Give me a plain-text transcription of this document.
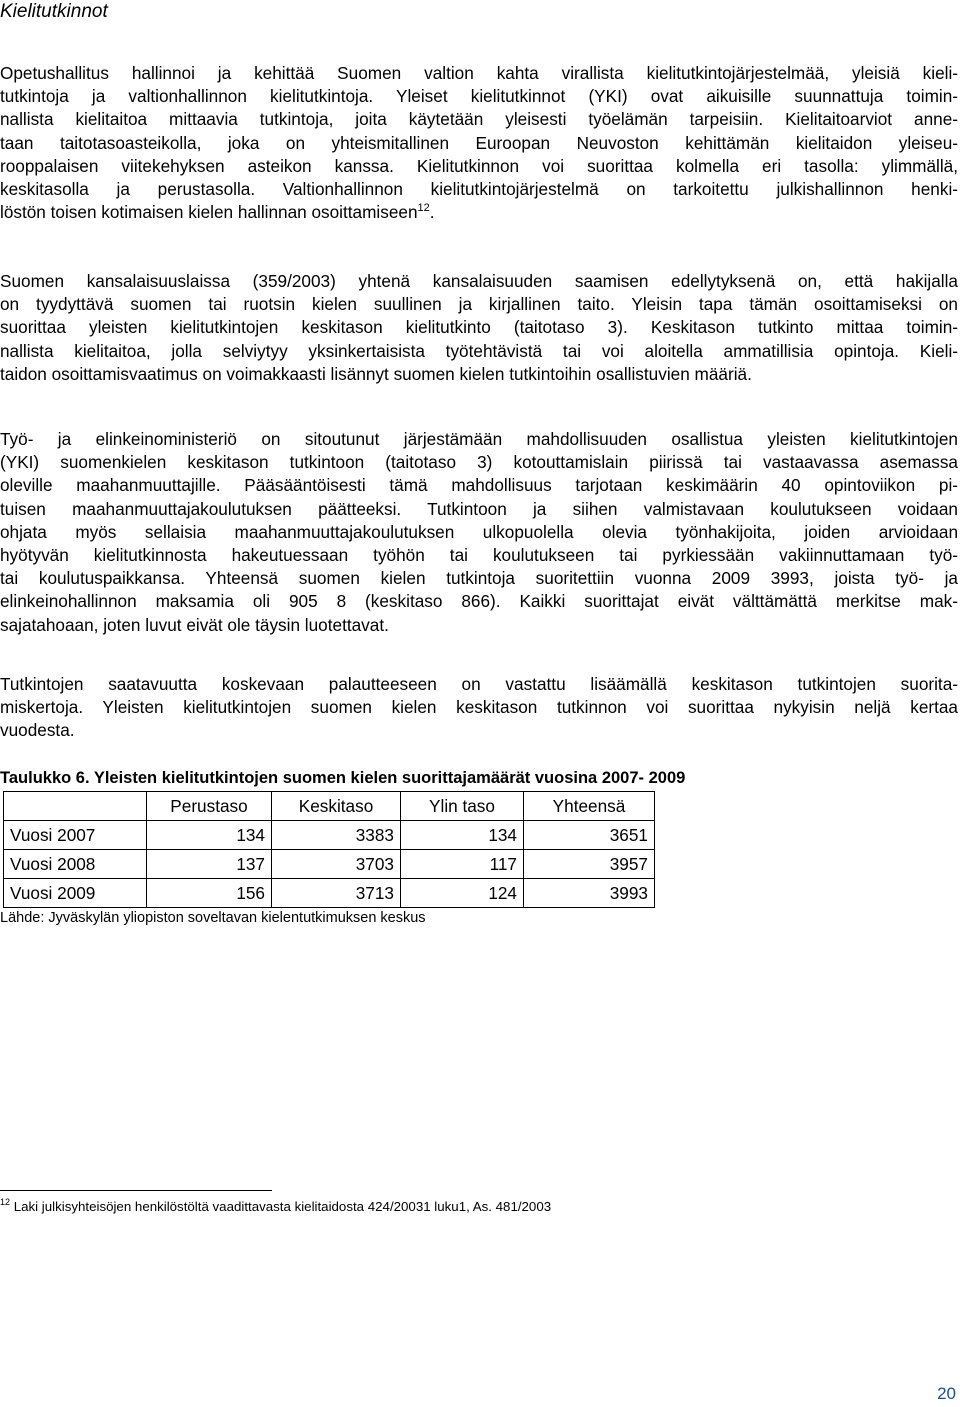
Kielitutkinnot
Opetushallitus hallinnoi ja kehittää Suomen valtion kahta virallista kielitutkintojärjestelmää, yleisiä kieli-
tutkintoja ja valtionhallinnon kielitutkintoja. Yleiset kielitutkinnot (YKI) ovat aikuisille suunnattuja toimin-
nallista kielitaitoa mittaavia tutkintoja, joita käytetään yleisesti työelämän tarpeisiin. Kielitaitoarviot anne-
taan taitotasoasteikolla, joka on yhteismitallinen Euroopan Neuvoston kehittämän kielitaidon yleiseu-
rooppalaisen viitekehyksen asteikon kanssa. Kielitutkinnon voi suorittaa kolmella eri tasolla: ylimmällä,
keskitasolla ja perustasolla. Valtionhallinnon kielitutkintojärjestelmä on tarkoitettu julkishallinnon henki-
löstön toisen kotimaisen kielen hallinnan osoittamiseen$^{12}$.
Suomen kansalaisuuslaissa (359/2003) yhtenä kansalaisuuden saamisen edellytyksenä on, että hakijalla
on tyydyttävä suomen tai ruotsin kielen suullinen ja kirjallinen taito. Yleisin tapa tämän osoittamiseksi on
suorittaa yleisten kielitutkintojen keskitason kielitutkinto (taitotaso 3). Keskitason tutkinto mittaa toimin-
nallista kielitaitoa, jolla selviytyy yksinkertaisista työtehtävistä tai voi aloitella ammatillisia opintoja. Kieli-
taidon osoittamisvaatimus on voimakkaasti lisännyt suomen kielen tutkintoihin osallistuvien määriä.
Työ- ja elinkeinoministeriö on sitoutunut järjestämään mahdollisuuden osallistua yleisten kielitutkintojen
(YKI) suomenkielen keskitason tutkintoon (taitotaso 3) kotouttamislain piirissä tai vastaavassa asemassa
oleville maahanmuuttajille. Pääsääntöisesti tämä mahdollisuus tarjotaan keskimäärin 40 opintoviikon pi-
tuisen maahanmuuttajakoulutuksen päätteeksi. Tutkintoon ja siihen valmistavaan koulutukseen voidaan
ohjata myös sellaisia maahanmuuttajakoulutuksen ulkopuolella olevia työnhakijoita, joiden arvioidaan
hyötyvän kielitutkinnosta hakeutuessaan työhön tai koulutukseen tai pyrkiessään vakiinnuttamaan työ-
tai koulutuspaikkansa. Yhteensä suomen kielen tutkintoja suoritettiin vuonna 2009 3993, joista työ- ja
elinkeinohallinnon maksamia oli 905 8 (keskitaso 866). Kaikki suorittajat eivät välttämättä merkitse mak-
sajatahoaan, joten luvut eivät ole täysin luotettavat.
Tutkintojen saatavuutta koskevaan palautteeseen on vastattu lisäämällä keskitason tutkintojen suorita-
miskertoja. Yleisten kielitutkintojen suomen kielen keskitason tutkinnon voi suorittaa nykyisin neljä kertaa
vuodesta.
Taulukko 6. Yleisten kielitutkintojen suomen kielen suorittajamäärät vuosina 2007- 2009
	Perustaso	Keskitaso	Ylin taso	Yhteensä
Vuosi 2007	134	3383	134	3651
Vuosi 2008	137	3703	117	3957
Vuosi 2009	156	3713	124	3993
Lähde: Jyväskylän yliopiston soveltavan kielentutkimuksen keskus
$^{12}$ Laki julkisyhteisöjen henkilöstöltä vaadittavasta kielitaidosta 424/20031 luku1, As. 481/2003
20
